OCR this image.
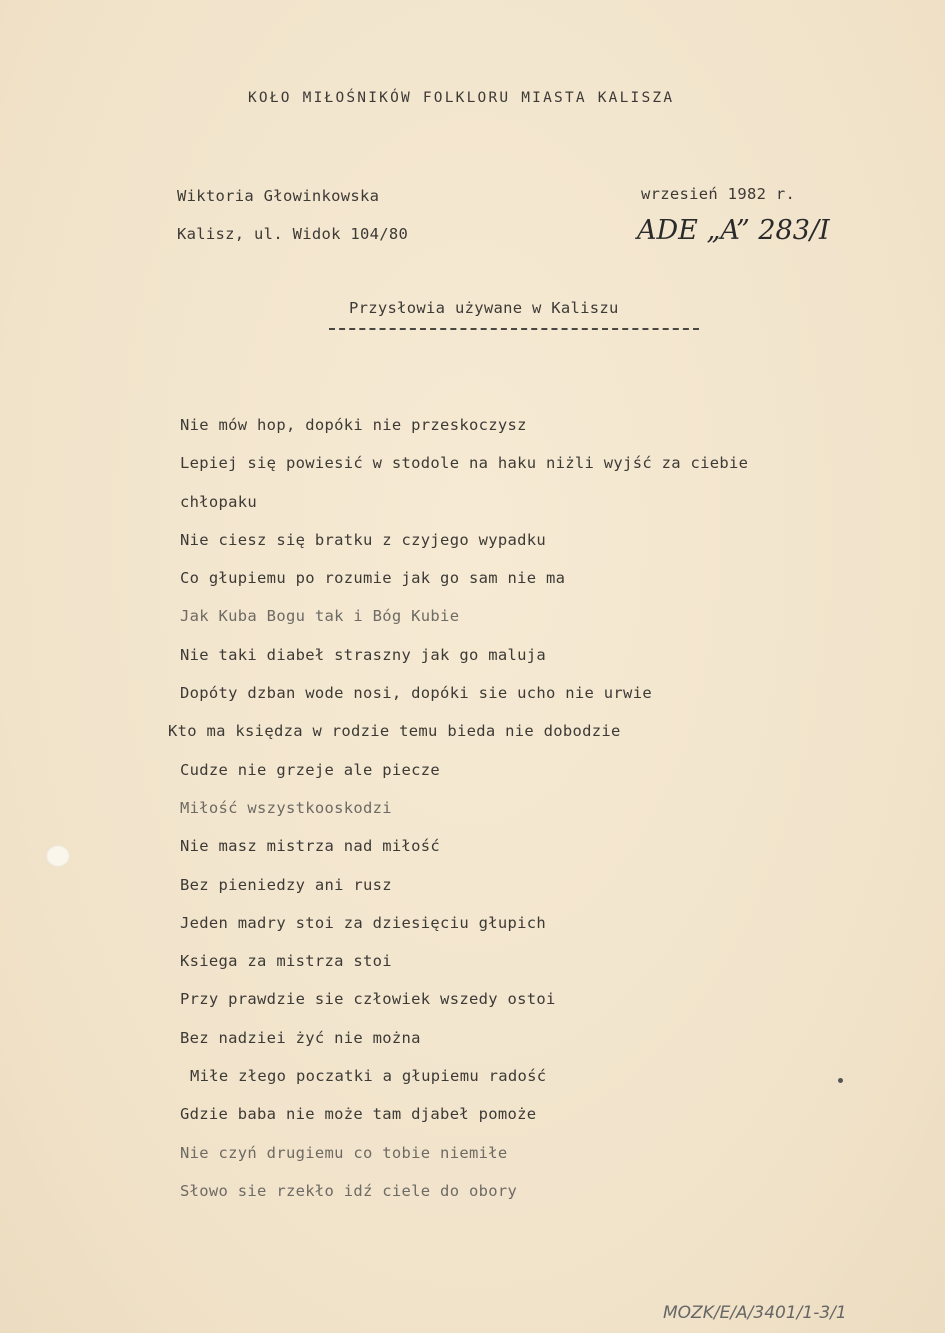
KOŁO MIŁOŚNIKÓW FOLKLORU MIASTA KALISZA
Wiktoria Głowinkowska
Kalisz, ul. Widok 104/80
wrzesień 1982 r.
ADE „A” 283/I
Przysłowia używane w Kaliszu
Nie mów hop, dopóki nie przeskoczysz
Lepiej się powiesić w stodole na haku niżli wyjść za ciebie
chłopaku
Nie ciesz się bratku z czyjego wypadku
Co głupiemu po rozumie jak go sam nie ma
Jak Kuba Bogu tak i Bóg Kubie
Nie taki diabeł straszny jak go maluja
Dopóty dzban wode nosi, dopóki sie ucho nie urwie
Kto ma księdza w rodzie temu bieda nie dobodzie
Cudze nie grzeje ale piecze
Miłość wszystkooskodzi
Nie masz mistrza nad miłość
Bez pieniedzy ani rusz
Jeden madry stoi za dziesięciu głupich
Ksiega za mistrza stoi
Przy prawdzie sie człowiek wszedy ostoi
Bez nadziei żyć nie można
Miłe złego poczatki a głupiemu radość
Gdzie baba nie może tam djabeł pomoże
Nie czyń drugiemu co tobie niemiłe
Słowo sie rzekło idź ciele do obory
MOZK/E/A/3401/1-3/1
